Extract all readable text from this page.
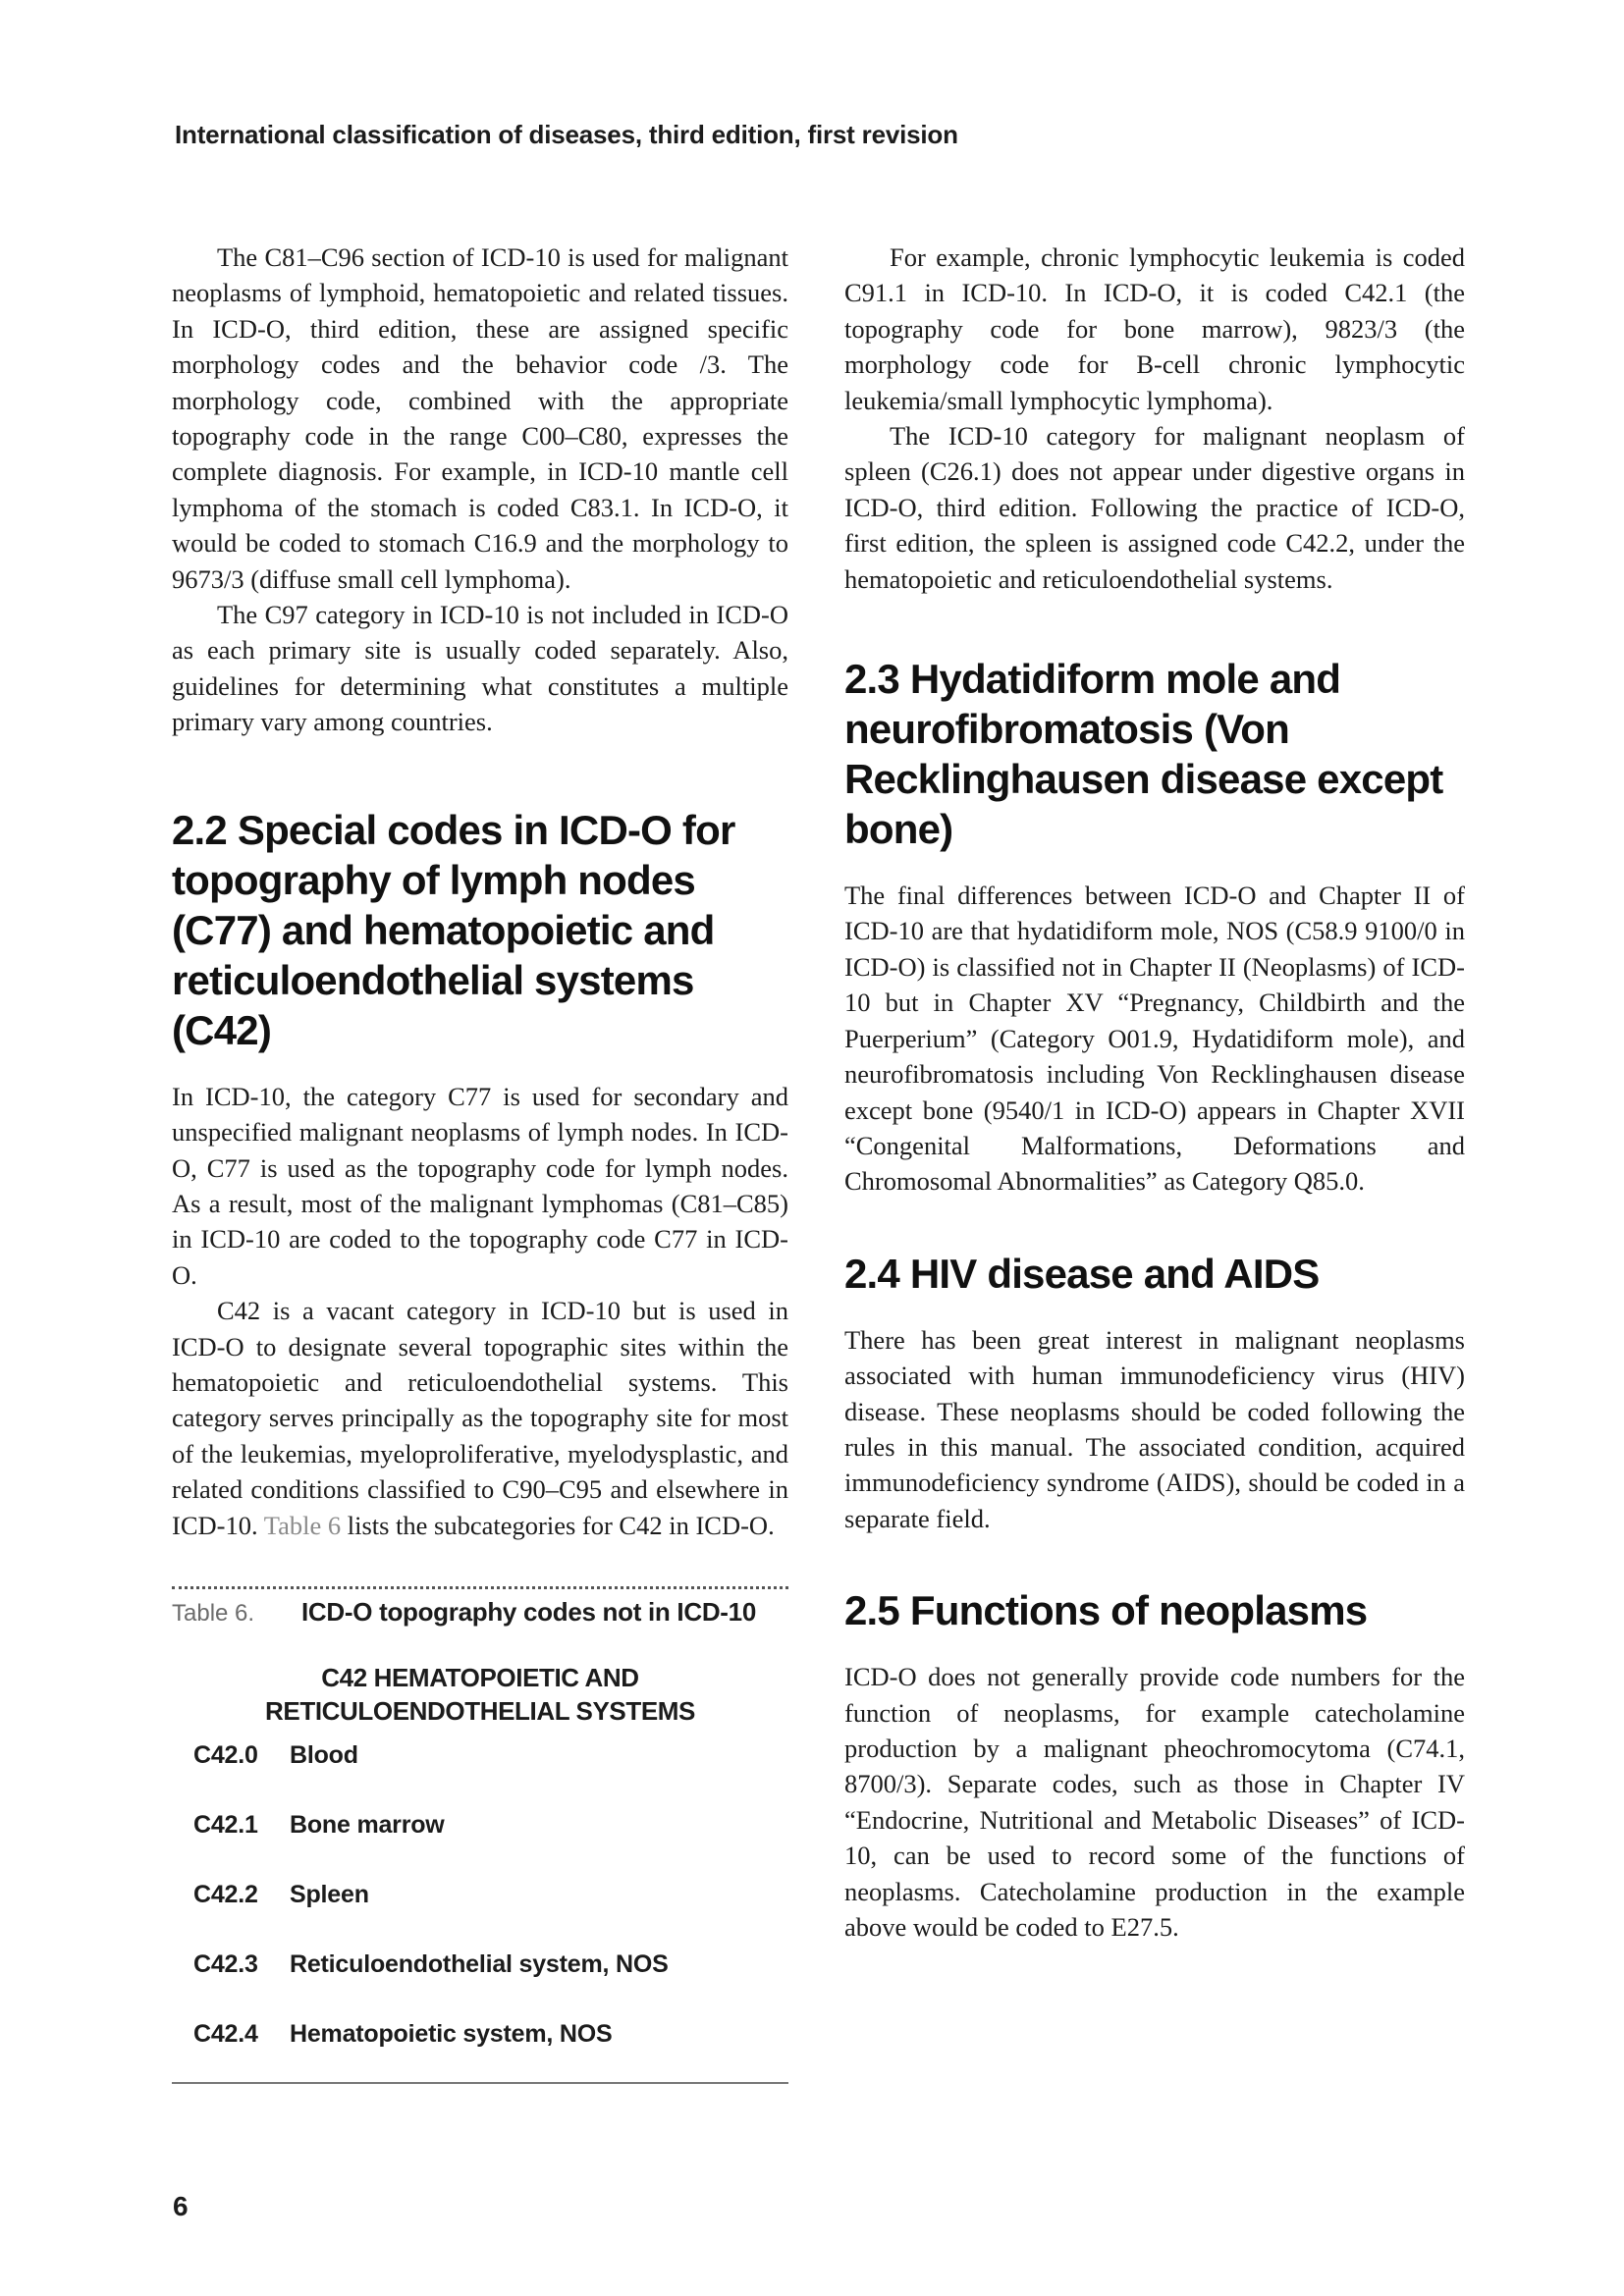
International classification of diseases, third edition, first revision

The C81–C96 section of ICD-10 is used for malignant neoplasms of lymphoid, hematopoietic and related tissues. In ICD-O, third edition, these are assigned specific morphology codes and the behavior code /3. The morphology code, combined with the appropriate topography code in the range C00–C80, expresses the complete diagnosis. For example, in ICD-10 mantle cell lymphoma of the stomach is coded C83.1. In ICD-O, it would be coded to stomach C16.9 and the morphology to 9673/3 (diffuse small cell lymphoma).

The C97 category in ICD-10 is not included in ICD-O as each primary site is usually coded separately. Also, guidelines for determining what constitutes a multiple primary vary among countries.

2.2 Special codes in ICD-O for topography of lymph nodes (C77) and hematopoietic and reticuloendothelial systems (C42)

In ICD-10, the category C77 is used for secondary and unspecified malignant neoplasms of lymph nodes. In ICD-O, C77 is used as the topography code for lymph nodes. As a result, most of the malignant lymphomas (C81–C85) in ICD-10 are coded to the topography code C77 in ICD-O.

C42 is a vacant category in ICD-10 but is used in ICD-O to designate several topographic sites within the hematopoietic and reticuloendothelial systems. This category serves principally as the topography site for most of the leukemias, myeloproliferative, myelodysplastic, and related conditions classified to C90–C95 and elsewhere in ICD-10. Table 6 lists the subcategories for C42 in ICD-O.

Table 6.	ICD-O topography codes not in ICD-10
C42 HEMATOPOIETIC AND
RETICULOENDOTHELIAL SYSTEMS
C42.0	Blood
C42.1	Bone marrow
C42.2	Spleen
C42.3	Reticuloendothelial system, NOS
C42.4	Hematopoietic system, NOS

For example, chronic lymphocytic leukemia is coded C91.1 in ICD-10. In ICD-O, it is coded C42.1 (the topography code for bone marrow), 9823/3 (the morphology code for B-cell chronic lymphocytic leukemia/small lymphocytic lymphoma).

The ICD-10 category for malignant neoplasm of spleen (C26.1) does not appear under digestive organs in ICD-O, third edition. Following the practice of ICD-O, first edition, the spleen is assigned code C42.2, under the hematopoietic and reticuloendothelial systems.

2.3 Hydatidiform mole and neurofibromatosis (Von Recklinghausen disease except bone)

The final differences between ICD-O and Chapter II of ICD-10 are that hydatidiform mole, NOS (C58.9 9100/0 in ICD-O) is classified not in Chapter II (Neoplasms) of ICD-10 but in Chapter XV “Pregnancy, Childbirth and the Puerperium” (Category O01.9, Hydatidiform mole), and neurofibromatosis including Von Recklinghausen disease except bone (9540/1 in ICD-O) appears in Chapter XVII “Congenital Malformations, Deformations and Chromosomal Abnormalities” as Category Q85.0.

2.4 HIV disease and AIDS

There has been great interest in malignant neoplasms associated with human immunodeficiency virus (HIV) disease. These neoplasms should be coded following the rules in this manual. The associated condition, acquired immunodeficiency syndrome (AIDS), should be coded in a separate field.

2.5 Functions of neoplasms

ICD-O does not generally provide code numbers for the function of neoplasms, for example catecholamine production by a malignant pheochromocytoma (C74.1, 8700/3). Separate codes, such as those in Chapter IV “Endocrine, Nutritional and Metabolic Diseases” of ICD-10, can be used to record some of the functions of neoplasms. Catecholamine production in the example above would be coded to E27.5.

6
